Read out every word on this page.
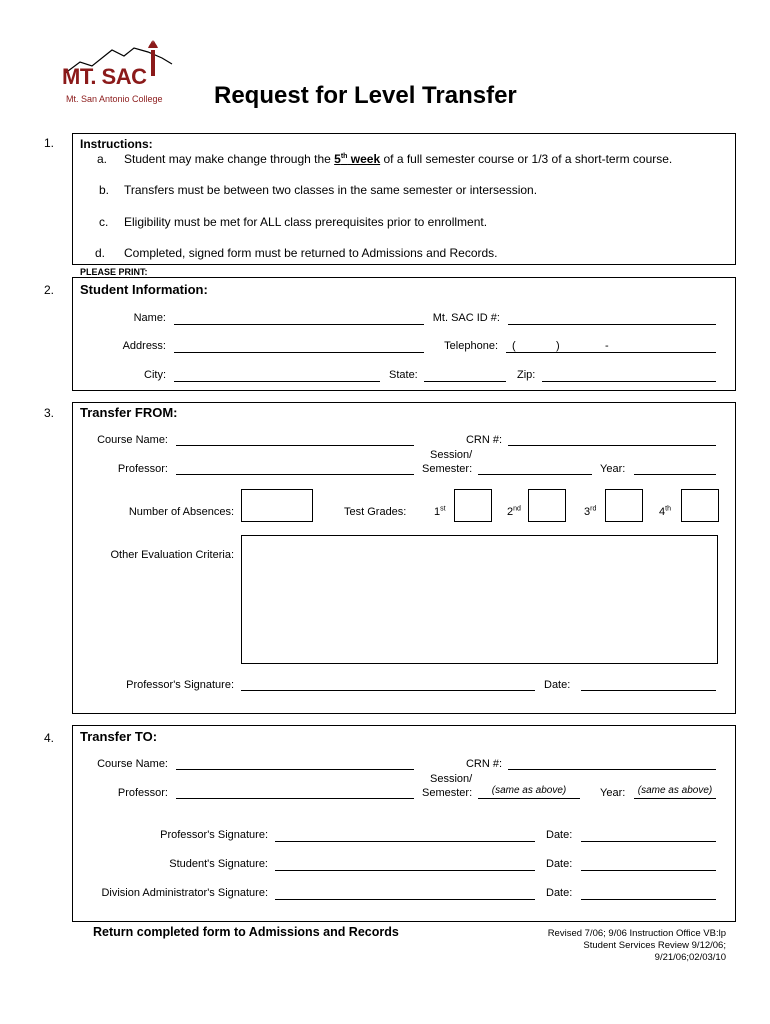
MT. SAC
Mt. San Antonio College Request for Level Transfer
1. Instructions:
a. Student may make change through the 5th week of a full semester course or 1/3 of a short-term course.
b. Transfers must be between two classes in the same semester or intersession.
c. Eligibility must be met for ALL class prerequisites prior to enrollment.
d. Completed, signed form must be returned to Admissions and Records.
PLEASE PRINT:
2. Student Information:
Name:	Mt. SAC ID #:
Address:	Telephone: (	)	-
City:	State:	Zip:
3. Transfer FROM:
Course Name:	CRN #:
Session/
Professor:	Semester:	Year:
Number of Absences:	Test Grades:	1st	2nd	3rd	4th
Other Evaluation Criteria:
Professor's Signature:	Date:
4. Transfer TO:
Course Name:	CRN #:
Session/
Professor:	Semester:	(same as above)	Year:	(same as above)
Professor's Signature:	Date:
Student's Signature:	Date:
Division Administrator's Signature:	Date:
Return completed form to Admissions and Records	Revised 7/06; 9/06 Instruction Office VB:lp
Student Services Review 9/12/06;
9/21/06;02/03/10
